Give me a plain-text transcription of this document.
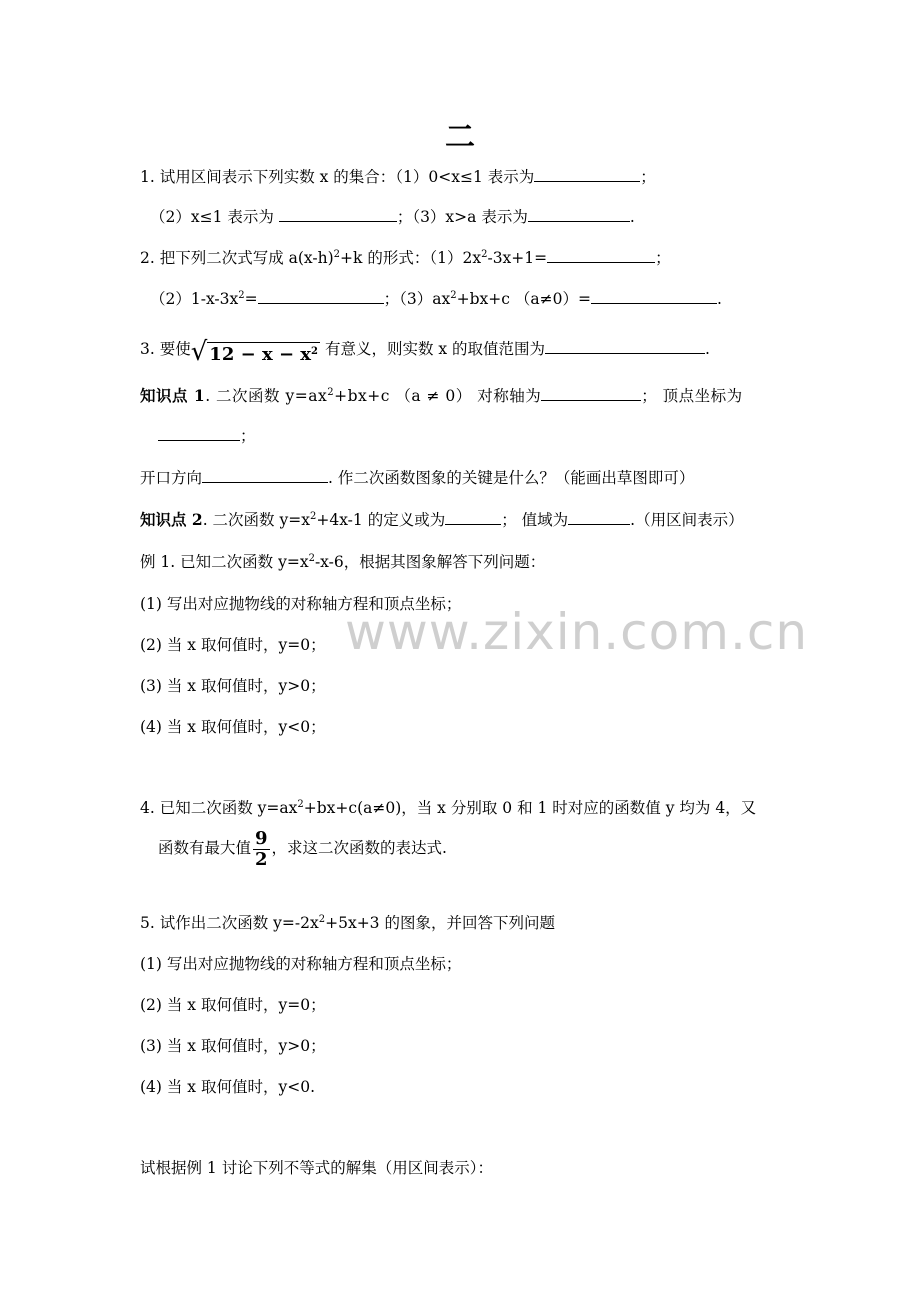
www.zixin.com.cn
二
1. 试用区间表示下列实数 x 的集合：（1）0<x≤1 表示为	；
（2）x≤1 表示为	；（3）x>a 表示为	.
2. 把下列二次式写成 $a(x-h)^2+k$ 的形式：$(1)2x^2-3x+1=$	；
$(2)1-x-3x^2=$	；$(3)ax^2+bx+c$ （a≠0）=	.
3. 要使√ $12 - x - x^2$ 有意义，则实数 x 的取值范围为	.
知识点 1. 二次函数 $y=ax^2+bx+c$ （a ≠ 0） 对称轴为	； 顶点坐标为
；
开口方向	. 作二次函数图象的关键是什么？（能画出草图即可）
知识点 2. 二次函数 $y=x^2+4x-1$ 的定义或为	； 值域为	.（用区间表示）
例 1. 已知二次函数 $y=x^2-x-6$，根据其图象解答下列问题：
(1) 写出对应抛物线的对称轴方程和顶点坐标；
(2) 当 x 取何值时，y=0；
(3) 当 x 取何值时，y>0；
(4) 当 x 取何值时，y<0；
4. 已知二次函数 $y=ax^2+bx+c(a\ne 0)$，当 x 分别取 0 和 1 时对应的函数值 y 均为 4，又
函数有最大值 $\frac{9}{2}$ ，求这二次函数的表达式.
5. 试作出二次函数 $y=-2x^2+5x+3$ 的图象，并回答下列问题
(1) 写出对应抛物线的对称轴方程和顶点坐标；
(2) 当 x 取何值时，y=0；
(3) 当 x 取何值时，y>0；
(4) 当 x 取何值时，y<0.
试根据例 1 讨论下列不等式的解集（用区间表示）：
